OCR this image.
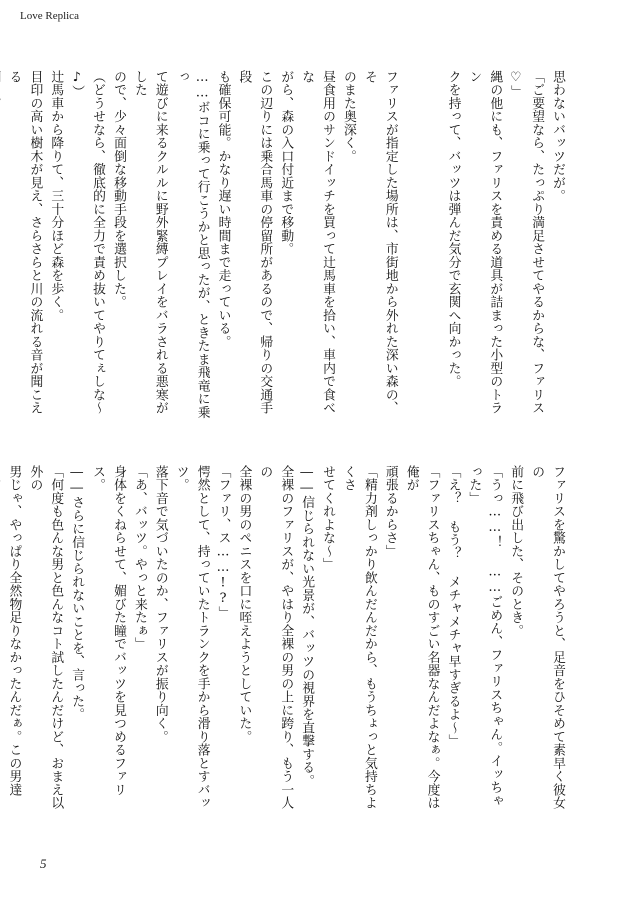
Love Replica
思わないバッツだが。
「ご要望なら、たっぷり満足させてやるからな、ファリス♡」
縄の他にも、ファリスを責める道具が詰まった小型のトラン
クを持って、バッツは弾んだ気分で玄関へ向かった。

ファリスが指定した場所は、市街地から外れた深い森の、そ
のまた奥深く。
昼食用のサンドイッチを買って辻馬車を拾い、車内で食べな
がら、森の入口付近まで移動。
この辺りには乗合馬車の停留所があるので、帰りの交通手段
も確保可能。かなり遅い時間まで走っている。
……ボコに乗って行こうかと思ったが、ときたま飛竜に乗っ
て遊びに来るクルルに野外緊縛プレイをバラされる悪寒がした
ので、少々面倒な移動手段を選択した。
（どうせなら、徹底的に全力で責め抜いてやりてぇしな〜♪）
辻馬車から降りて、三十分ほど森を歩く。
目印の高い樹木が見え、さらさらと川の流れる音が聞こえる
ファリスを驚かしてやろうと、足音をひそめて素早く彼女の
前に飛び出した、そのとき。
「うっ……！ ……ごめん、ファリスちゃん。イッちゃった」
「え？ もう？ メチャメチャ早すぎるよ〜」
「ファリスちゃん、ものすごい名器なんだよなぁ。今度は俺が
頑張るからさ」
「精力剤しっかり飲んだんだから、もうちょっと気持ちよくさ
せてくれよな〜」
――信じられない光景が、バッツの視界を直撃する。
全裸のファリスが、やはり全裸の男の上に跨り、もう一人の
全裸の男のペニスを口に咥えようとしていた。
「ファリ、ス……!?」
愕然として、持っていたトランクを手から滑り落とすバッツ。
落下音で気づいたのか、ファリスが振り向く。
「あ、バッツ。やっと来たぁ」
身体をくねらせて、媚びた瞳でバッツを見つめるファリス。
――さらに信じられないことを、言った。
「何度も色んな男と色んなコト試したんだけど、おまえ以外の
男じゃ、やっぱり全然物足りなかったんだぁ。この男達
5
